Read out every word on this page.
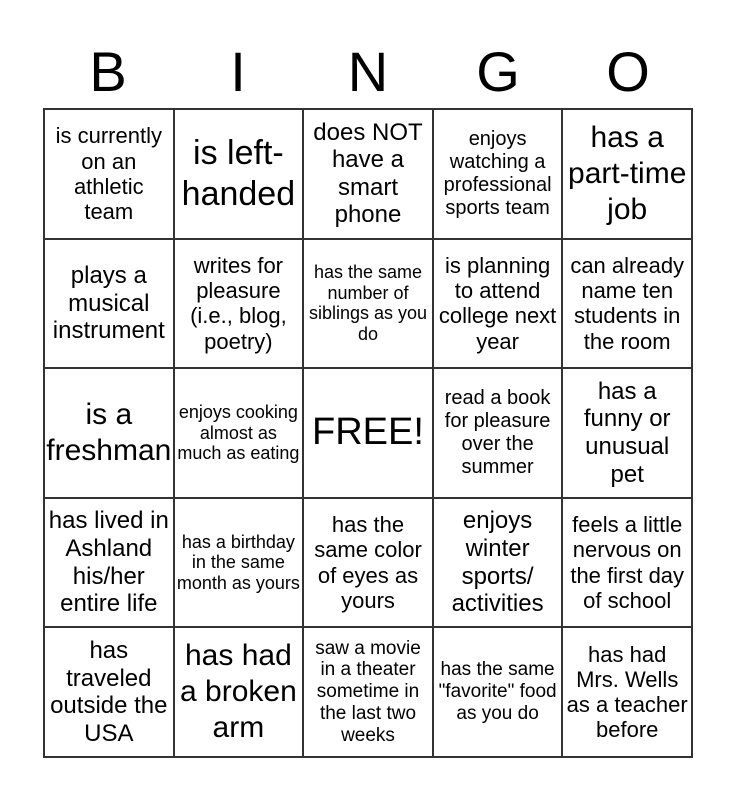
B	I	N	G	O
is currently on an athletic team
is left-handed
does NOT have a smart phone
enjoys watching a professional sports team
has a part-time job
plays a musical instrument
writes for pleasure (i.e., blog, poetry)
has the same number of siblings as you do
is planning to attend college next year
can already name ten students in the room
is a freshman
enjoys cooking almost as much as eating
FREE!
read a book for pleasure over the summer
has a funny or unusual pet
has lived in Ashland his/her entire life
has a birthday in the same month as yours
has the same color of eyes as yours
enjoys winter sports/ activities
feels a little nervous on the first day of school
has traveled outside the USA
has had a broken arm
saw a movie in a theater sometime in the last two weeks
has the same "favorite" food as you do
has had Mrs. Wells as a teacher before
